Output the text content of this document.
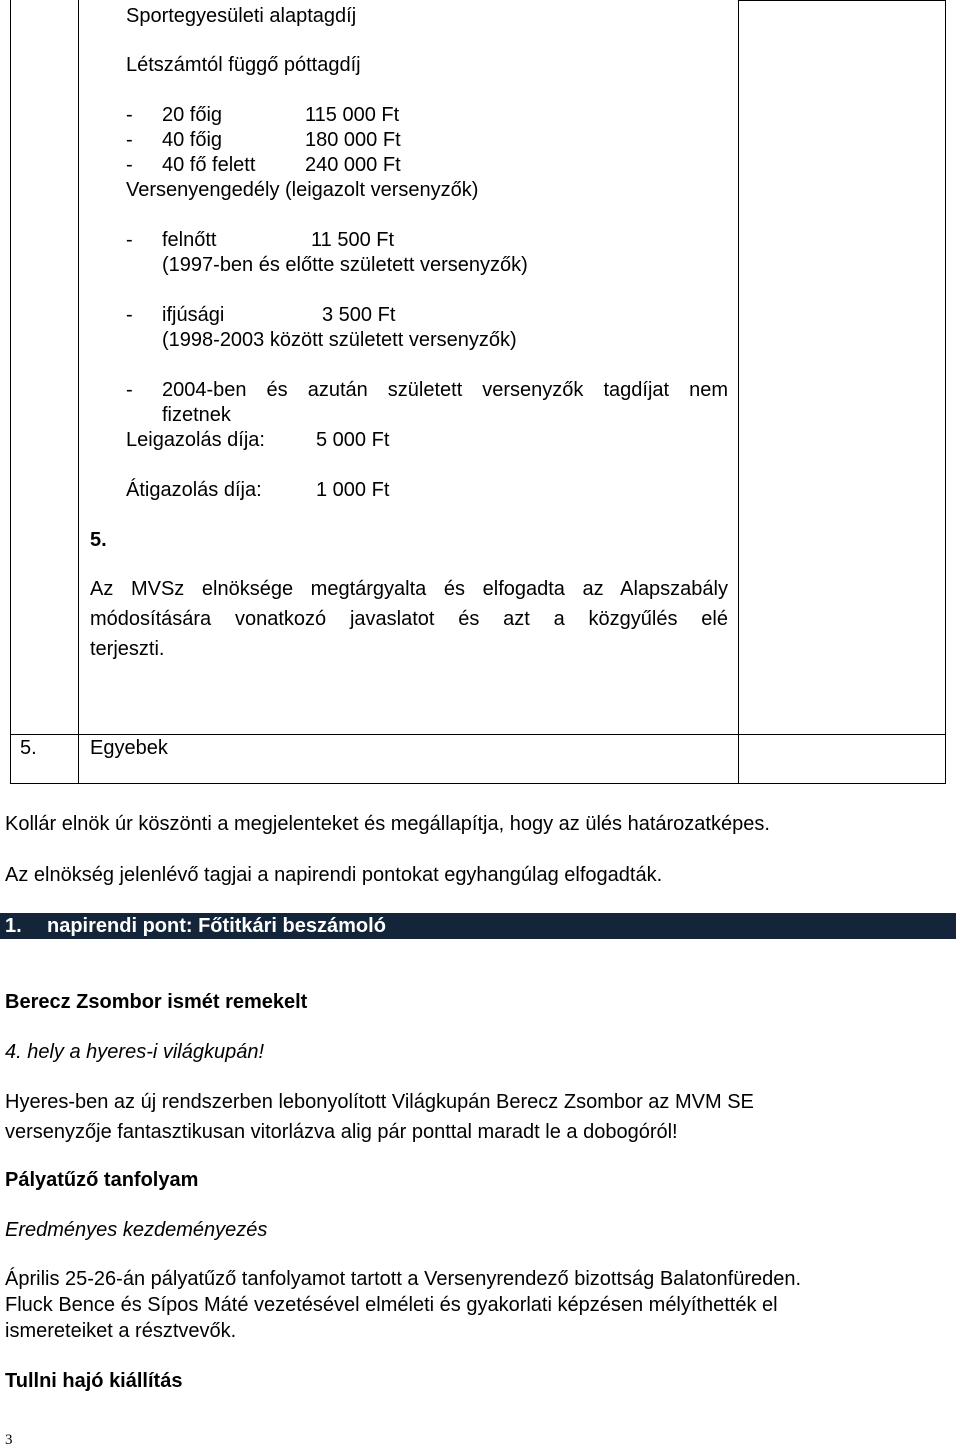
Sportegyesületi alaptagdíj
Létszámtól függő póttagdíj
- 20 főig	115 000 Ft
- 40 főig	180 000 Ft
- 40 fő felett 240 000 Ft
Versenyengedély (leigazolt versenyzők)
- felnőtt	11 500 Ft
(1997-ben és előtte született versenyzők)
- ifjúsági	3 500 Ft
(1998-2003 között született versenyzők)
- 2004-ben és azután született versenyzők tagdíjat nem
fizetnek
Leigazolás díja:	5 000 Ft
Átigazolás díja:	1 000 Ft
5.
Az MVSz elnöksége megtárgyalta és elfogadta az Alapszabály módosítására vonatkozó javaslatot és azt a közgyűlés elé
terjeszti.
5.	Egyebek
Kollár elnök úr köszönti a megjelenteket és megállapítja, hogy az ülés határozatképes.
Az elnökség jelenlévő tagjai a napirendi pontokat egyhangúlag elfogadták.
1. napirendi pont: Főtitkári beszámoló
Berecz Zsombor ismét remekelt
4. hely a hyeres-i világkupán!
Hyeres-ben az új rendszerben lebonyolított Világkupán Berecz Zsombor az MVM SE
versenyzője fantasztikusan vitorlázva alig pár ponttal maradt le a dobogóról!
Pályatűző tanfolyam
Eredményes kezdeményezés
Április 25-26-án pályatűző tanfolyamot tartott a Versenyrendező bizottság Balatonfüreden.
Fluck Bence és Sípos Máté vezetésével elméleti és gyakorlati képzésen mélyíthették el
ismereteiket a résztvevők.
Tullni hajó kiállítás
3
